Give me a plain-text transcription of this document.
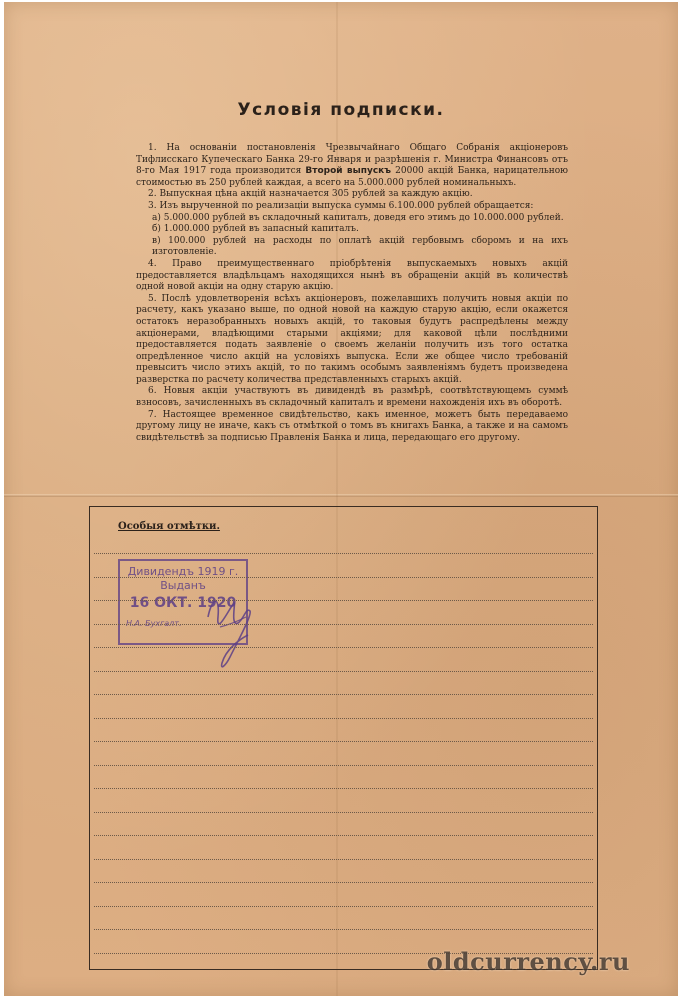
Условія подписки.

1. На основаніи постановленія Чрезвычайнаго Общаго Собранія акціонеровъ Тифлисскаго Купеческаго Банка 29-го Января и разрѣшенія г. Министра Финансовъ отъ 8-го Мая 1917 года производится Второй выпускъ 20000 акцій Банка, нарицательною стоимостью въ 250 рублей каждая, а всего на 5.000.000 рублей номинальныхъ.

2. Выпускная цѣна акцій назначается 305 рублей за каждую акцію.

3. Изъ вырученной по реализаціи выпуска суммы 6.100.000 рублей обращается:

а) 5.000.000 рублей въ складочный капиталъ, доведя его этимъ до 10.000.000 рублей.

б) 1.000.000 рублей въ запасный капиталъ.

в) 100.000 рублей на расходы по оплатѣ акцій гербовымъ сборомъ и на ихъ изготовленіе.

4. Право преимущественнаго пріобрѣтенія выпускаемыхъ новыхъ акцій предоставляется владѣльцамъ находящихся нынѣ въ обращеніи акцій въ количествѣ одной новой акціи на одну старую акцію.

5. Послѣ удовлетворенія всѣхъ акціонеровъ, пожелавшихъ получить новыя акціи по расчету, какъ указано выше, по одной новой на каждую старую акцію, если окажется остатокъ неразобранныхъ новыхъ акцій, то таковыя будутъ распредѣлены между акціонерами, владѣющими старыми акціями; для каковой цѣли послѣдними предоставляется подать заявленіе о своемъ желаніи получить изъ того остатка опредѣленное число акцій на условіяхъ выпуска. Если же общее число требованій превыситъ число этихъ акцій, то по такимъ особымъ заявленіямъ будетъ произведена разверстка по расчету количества представленныхъ старыхъ акцій.

6. Новыя акціи участвуютъ въ дивидендѣ въ размѣрѣ, соотвѣтствующемъ суммѣ взносовъ, зачисленныхъ въ складочный капиталъ и времени нахожденія ихъ въ оборотѣ.

7. Настоящее временное свидѣтельство, какъ именное, можетъ быть передаваемо другому лицу не иначе, какъ съ отмѣткой о томъ въ книгахъ Банка, а также и на самомъ свидѣтельствѣ за подписью Правленія Банка и лица, передающаго его другому.

Особыя отмѣтки.
Дивидендъ 1919 г.
Выданъ
16 ОКТ. 1920
Н.А. Бухгалт.

oldcurrency.ru
